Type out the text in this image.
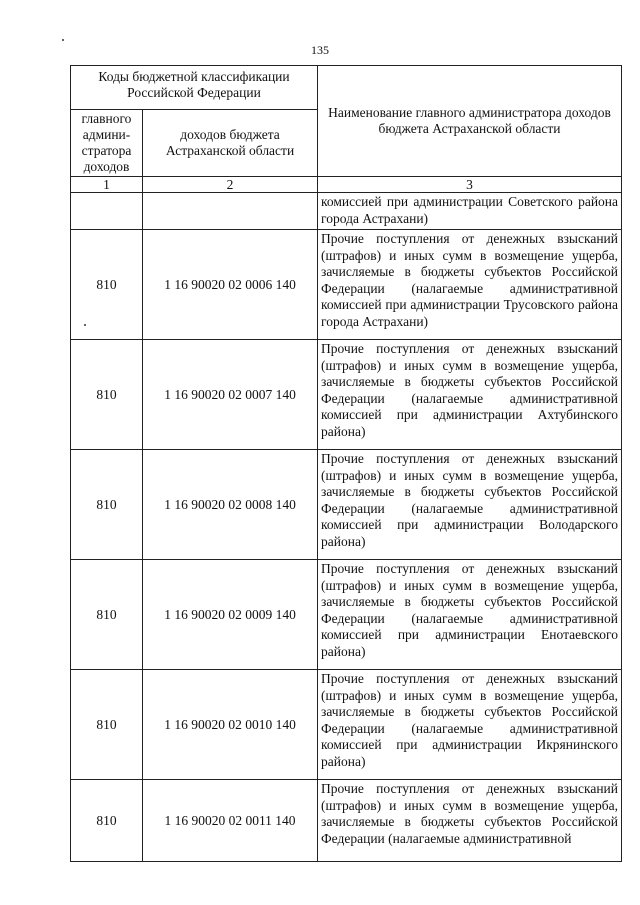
135
Коды бюджетной классификации Российской Федерации		Наименование главного администратора доходов бюджета Астраханской области
главного админи-стратора доходов	доходов бюджета Астраханской области	
1	2	3
		комиссией при администрации Советского района города Астрахани)
810	1 16 90020 02 0006 140	Прочие поступления от денежных взысканий (штрафов) и иных сумм в возмещение ущерба, зачисляемые в бюджеты субъектов Российской Федерации (налагаемые административной комиссией при администрации Трусовского района города Астрахани)
810	1 16 90020 02 0007 140	Прочие поступления от денежных взысканий (штрафов) и иных сумм в возмещение ущерба, зачисляемые в бюджеты субъектов Российской Федерации (налагаемые административной комиссией при администрации Ахтубинского района)
810	1 16 90020 02 0008 140	Прочие поступления от денежных взысканий (штрафов) и иных сумм в возмещение ущерба, зачисляемые в бюджеты субъектов Российской Федерации (налагаемые административной комиссией при администрации Володарского района)
810	1 16 90020 02 0009 140	Прочие поступления от денежных взысканий (штрафов) и иных сумм в возмещение ущерба, зачисляемые в бюджеты субъектов Российской Федерации (налагаемые административной комиссией при администрации Енотаевского района)
810	1 16 90020 02 0010 140	Прочие поступления от денежных взысканий (штрафов) и иных сумм в возмещение ущерба, зачисляемые в бюджеты субъектов Российской Федерации (налагаемые административной комиссией при администрации Икрянинского района)
810	1 16 90020 02 0011 140	Прочие поступления от денежных взысканий (штрафов) и иных сумм в возмещение ущерба, зачисляемые в бюджеты субъектов Российской Федерации (налагаемые административной
